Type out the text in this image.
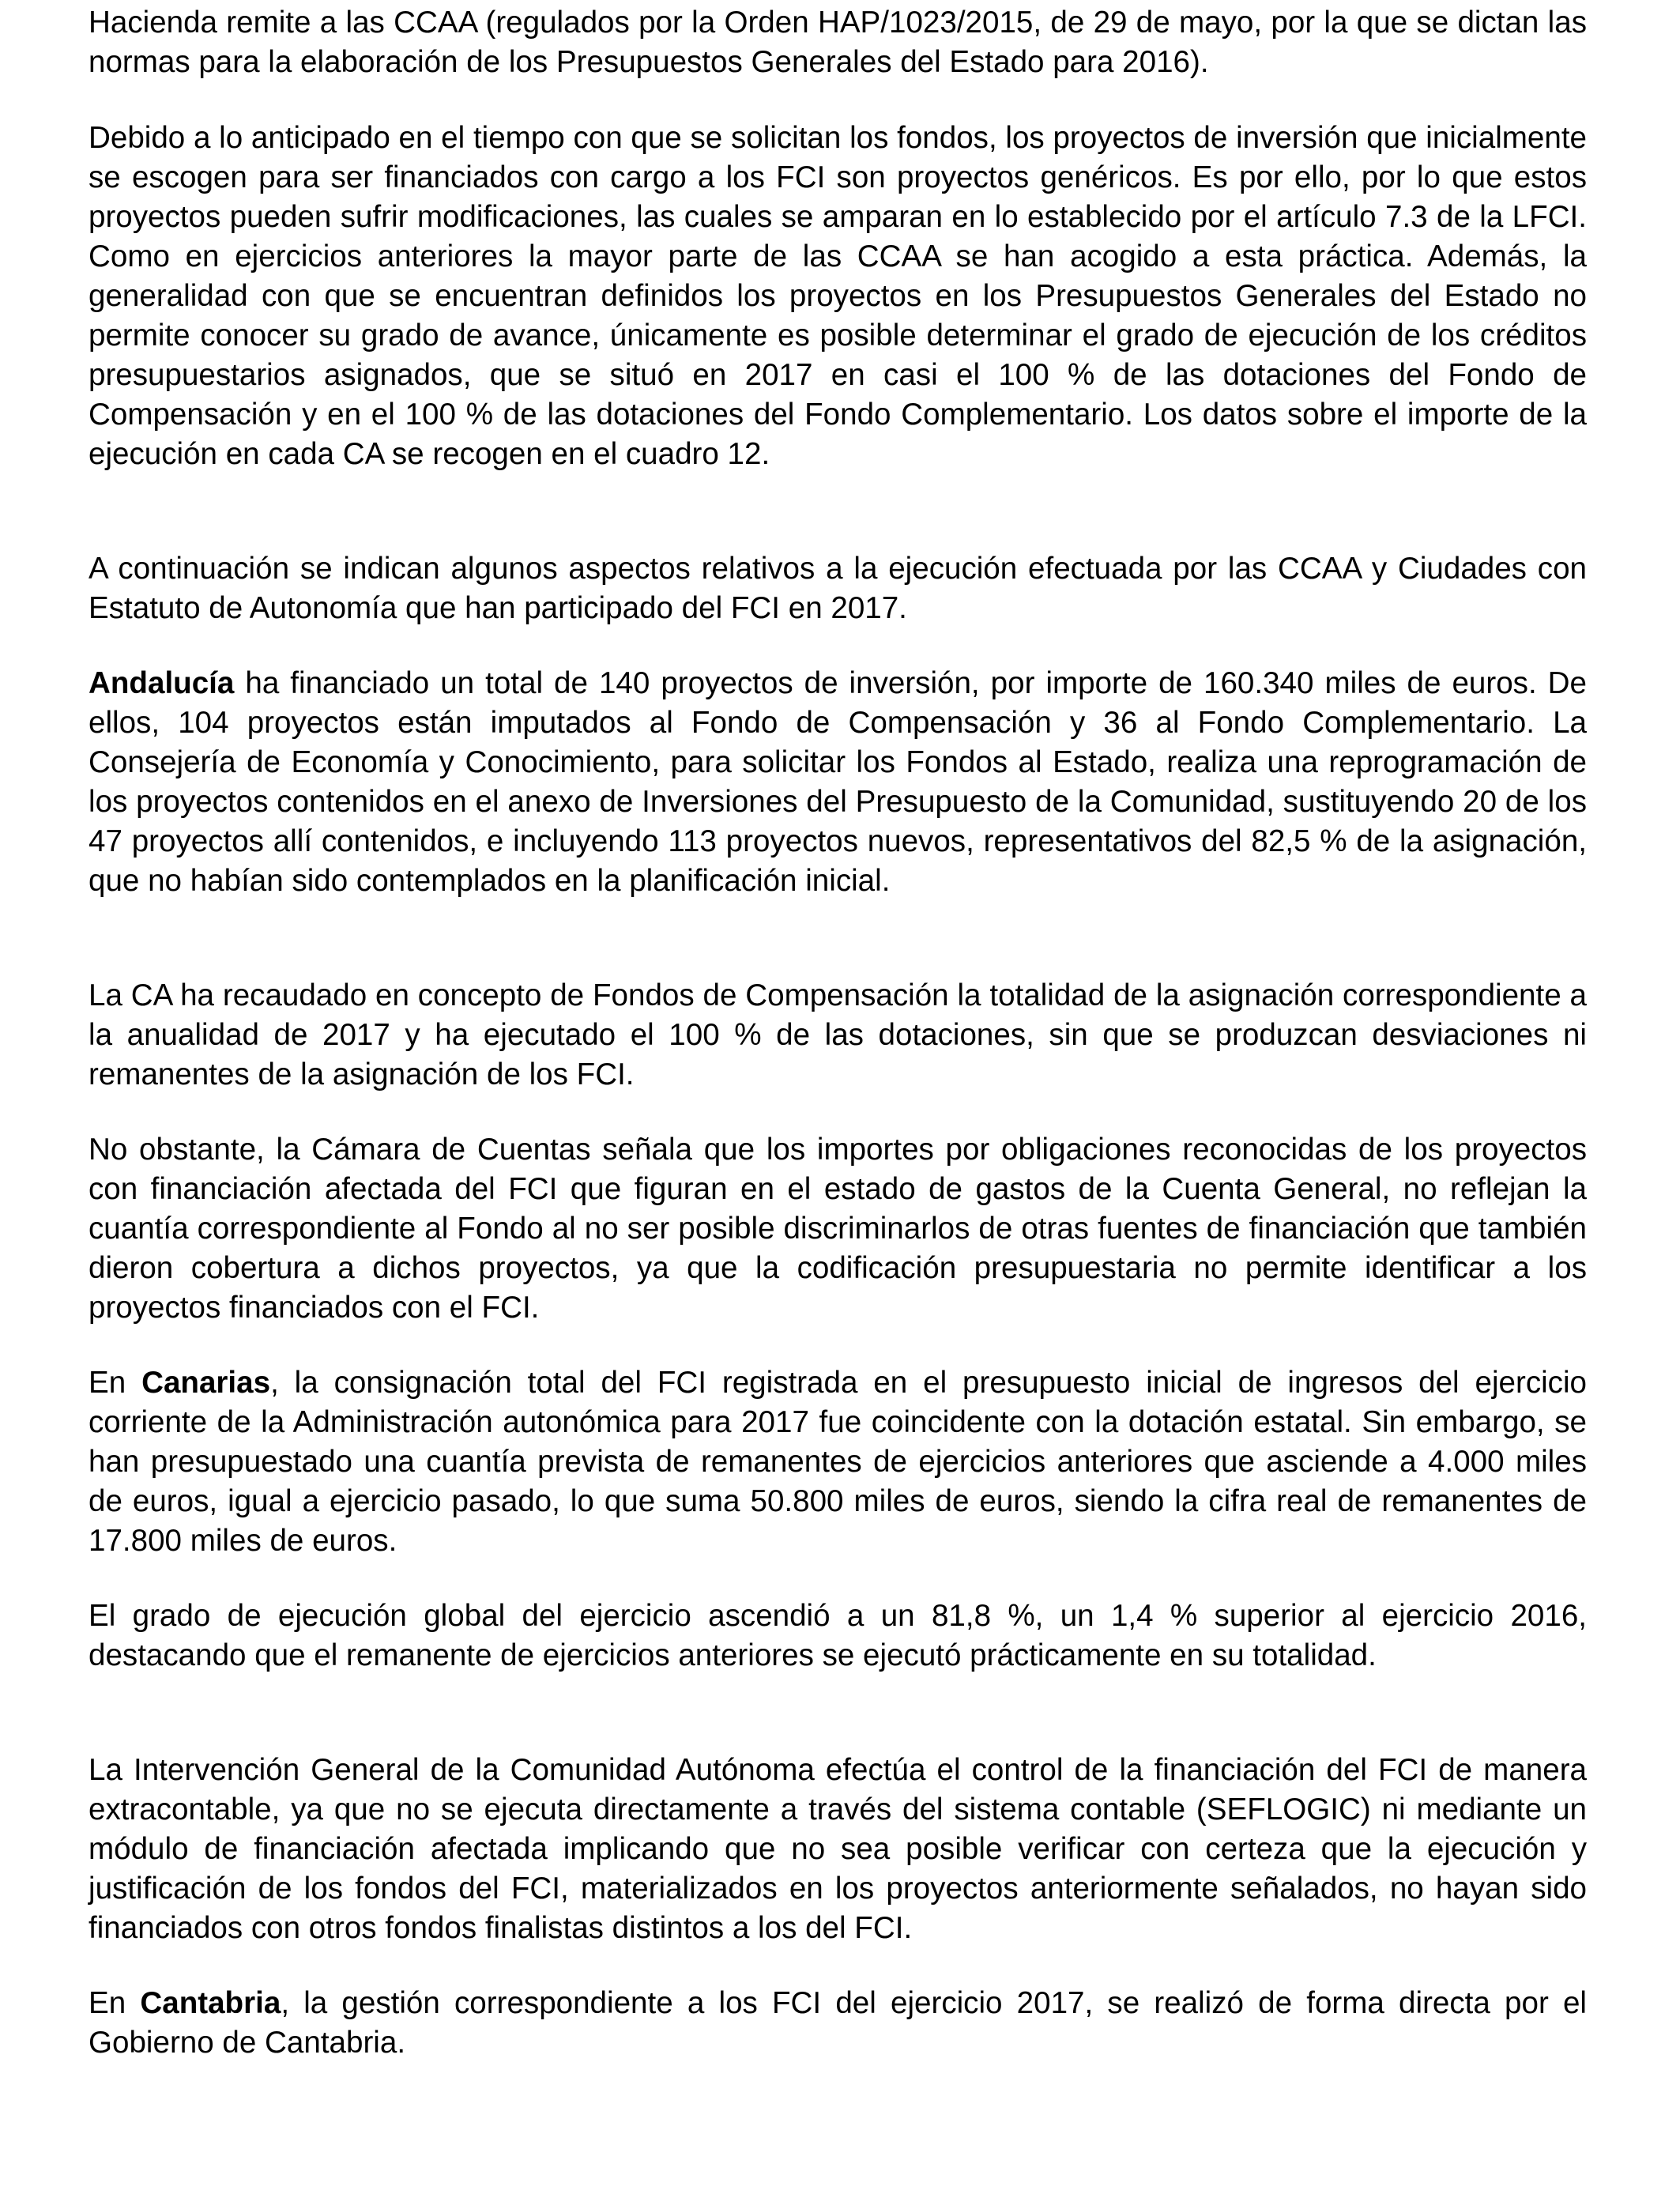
Hacienda remite a las CCAA (regulados por la Orden HAP/1023/2015, de 29 de mayo, por la que se dictan las normas para la elaboración de los Presupuestos Generales del Estado para 2016).

Debido a lo anticipado en el tiempo con que se solicitan los fondos, los proyectos de inversión que inicialmente se escogen para ser financiados con cargo a los FCI son proyectos genéricos. Es por ello, por lo que estos proyectos pueden sufrir modificaciones, las cuales se amparan en lo establecido por el artículo 7.3 de la LFCI. Como en ejercicios anteriores la mayor parte de las CCAA se han acogido a esta práctica. Además, la generalidad con que se encuentran definidos los proyectos en los Presupuestos Generales del Estado no permite conocer su grado de avance, únicamente es posible determinar el grado de ejecución de los créditos presupuestarios asignados, que se situó en 2017 en casi el 100 % de las dotaciones del Fondo de Compensación y en el 100 % de las dotaciones del Fondo Complementario. Los datos sobre el importe de la ejecución en cada CA se recogen en el cuadro 12.

A continuación se indican algunos aspectos relativos a la ejecución efectuada por las CCAA y Ciudades con Estatuto de Autonomía que han participado del FCI en 2017.

Andalucía ha financiado un total de 140 proyectos de inversión, por importe de 160.340 miles de euros. De ellos, 104 proyectos están imputados al Fondo de Compensación y 36 al Fondo Complementario. La Consejería de Economía y Conocimiento, para solicitar los Fondos al Estado, realiza una reprogramación de los proyectos contenidos en el anexo de Inversiones del Presupuesto de la Comunidad, sustituyendo 20 de los 47 proyectos allí contenidos, e incluyendo 113 proyectos nuevos, representativos del 82,5 % de la asignación, que no habían sido contemplados en la planificación inicial.

La CA ha recaudado en concepto de Fondos de Compensación la totalidad de la asignación correspondiente a la anualidad de 2017 y ha ejecutado el 100 % de las dotaciones, sin que se produzcan desviaciones ni remanentes de la asignación de los FCI.

No obstante, la Cámara de Cuentas señala que los importes por obligaciones reconocidas de los proyectos con financiación afectada del FCI que figuran en el estado de gastos de la Cuenta General, no reflejan la cuantía correspondiente al Fondo al no ser posible discriminarlos de otras fuentes de financiación que también dieron cobertura a dichos proyectos, ya que la codificación presupuestaria no permite identificar a los proyectos financiados con el FCI.

En Canarias, la consignación total del FCI registrada en el presupuesto inicial de ingresos del ejercicio corriente de la Administración autonómica para 2017 fue coincidente con la dotación estatal. Sin embargo, se han presupuestado una cuantía prevista de remanentes de ejercicios anteriores que asciende a 4.000 miles de euros, igual a ejercicio pasado, lo que suma 50.800 miles de euros, siendo la cifra real de remanentes de 17.800 miles de euros.

El grado de ejecución global del ejercicio ascendió a un 81,8 %, un 1,4 % superior al ejercicio 2016, destacando que el remanente de ejercicios anteriores se ejecutó prácticamente en su totalidad.

La Intervención General de la Comunidad Autónoma efectúa el control de la financiación del FCI de manera extracontable, ya que no se ejecuta directamente a través del sistema contable (SEFLOGIC) ni mediante un módulo de financiación afectada implicando que no sea posible verificar con certeza que la ejecución y justificación de los fondos del FCI, materializados en los proyectos anteriormente señalados, no hayan sido financiados con otros fondos finalistas distintos a los del FCI.

En Cantabria, la gestión correspondiente a los FCI del ejercicio 2017, se realizó de forma directa por el Gobierno de Cantabria.
